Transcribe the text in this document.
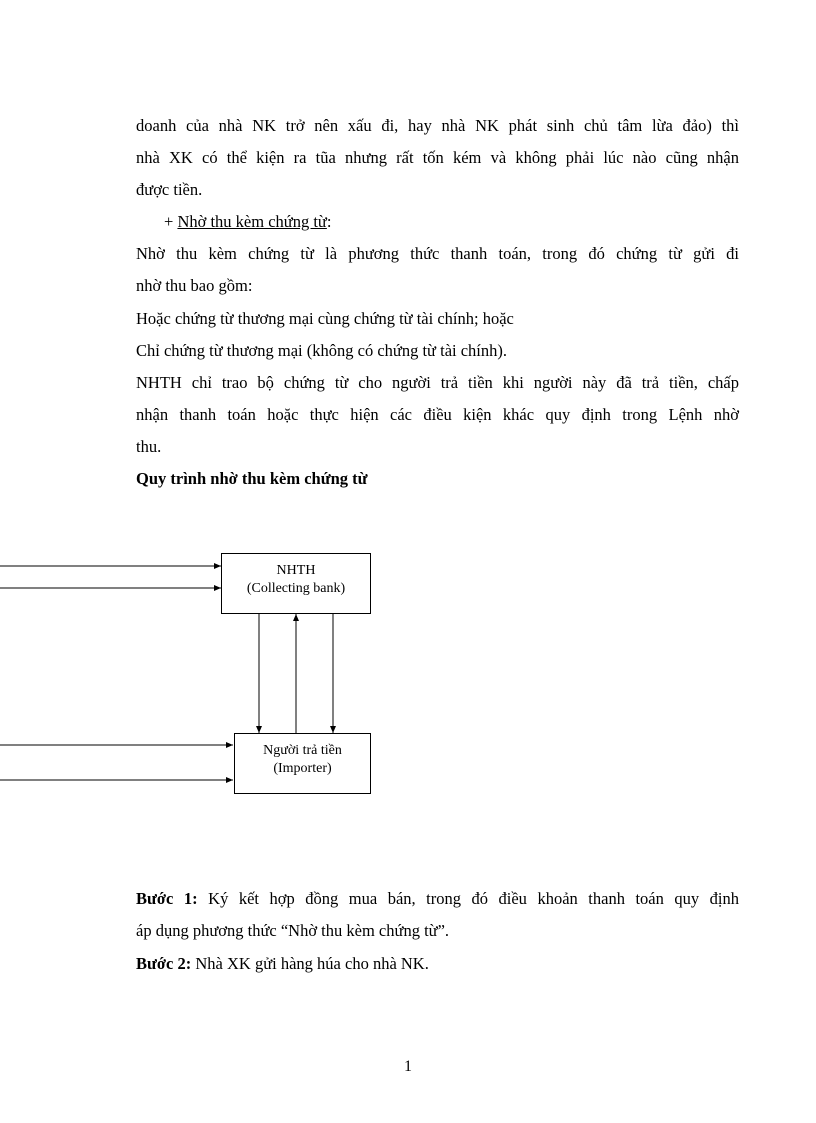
doanh của nhà NK trở nên xấu đi, hay nhà NK phát sinh chủ tâm lừa đảo) thì
nhà XK có thể kiện ra tũa nhưng rất tốn kém và không phải lúc nào cũng nhận
được tiền.
+ Nhờ thu kèm chứng từ:
Nhờ thu kèm chứng từ là phương thức thanh toán, trong đó chứng từ gửi đi
nhờ thu bao gồm:
Hoặc chứng từ thương mại cùng chứng từ tài chính; hoặc
Chỉ chứng từ thương mại (không có chứng từ tài chính).
NHTH chỉ trao bộ chứng từ cho người trả tiền khi người này đã trả tiền, chấp
nhận thanh toán hoặc thực hiện các điều kiện khác quy định trong Lệnh nhờ
thu.
Quy trình nhờ thu kèm chứng từ
NHTH
(Collecting bank)
Người trả tiền
(Importer)
Bước 1: Ký kết hợp đồng mua bán, trong đó điều khoản thanh toán quy định
áp dụng phương thức “Nhờ thu kèm chứng từ”.
Bước 2: Nhà XK gửi hàng húa cho nhà NK.
1
